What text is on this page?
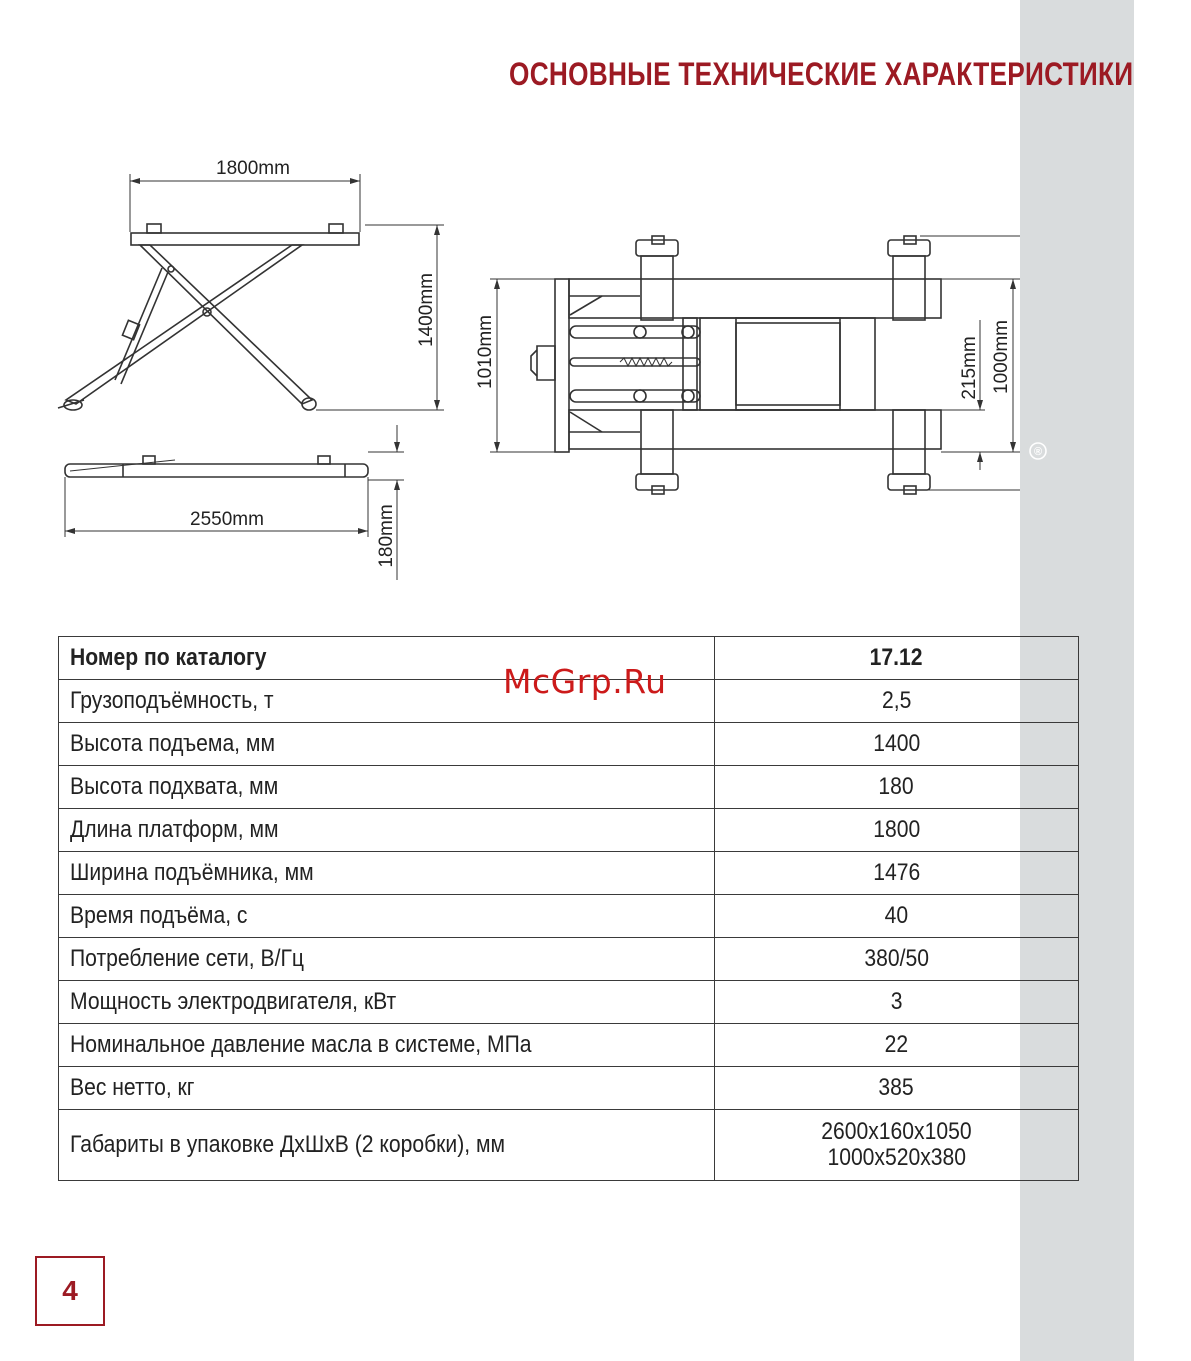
®
ОСНОВНЫЕ ТЕХНИЧЕСКИЕ ХАРАКТЕРИСТИКИ
1800mm
1400mm
2550mm	180mm
1010mm	215mm 1000mm
Номер по каталогу	17.12
Грузоподъёмность, т	2,5
Высота подъема, мм	1400
Высота подхвата, мм	180
Длина платформ, мм	1800
Ширина подъёмника, мм	1476
Время подъёма, с	40
Потребление сети, В/Гц	380/50
Мощность электродвигателя, кВт	3
Номинальное давление масла в системе, МПа	22
Вес нетто, кг	385
Габариты в упаковке ДхШхВ (2 коробки), мм	2600x160x1050
1000x520x380
McGrp.Ru
4
